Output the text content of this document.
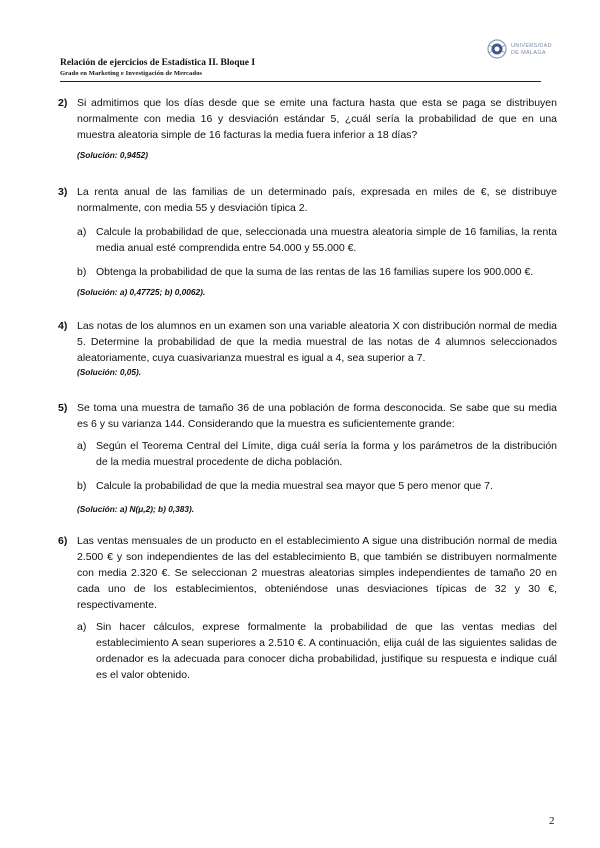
Relación de ejercicios de Estadística II. Bloque I
Grado en Marketing e Investigación de Mercados
UNIVERSIDAD
DE MÁLAGA
2) Si admitimos que los días desde que se emite una factura hasta que esta se paga se distribuyen normalmente con media 16 y desviación estándar 5, ¿cuál sería la probabilidad de que en una muestra aleatoria simple de 16 facturas la media fuera inferior a 18 días?
(Solución: 0,9452)
3) La renta anual de las familias de un determinado país, expresada en miles de €, se distribuye normalmente, con media 55 y desviación típica 2.
a) Calcule la probabilidad de que, seleccionada una muestra aleatoria simple de 16 familias, la renta media anual esté comprendida entre 54.000 y 55.000 €.
b) Obtenga la probabilidad de que la suma de las rentas de las 16 familias supere los 900.000 €.
(Solución: a) 0,47725; b) 0,0062).
4) Las notas de los alumnos en un examen son una variable aleatoria X con distribución normal de media 5. Determine la probabilidad de que la media muestral de las notas de 4 alumnos seleccionados aleatoriamente, cuya cuasivarianza muestral es igual a 4, sea superior a 7.
(Solución: 0,05).
5) Se toma una muestra de tamaño 36 de una población de forma desconocida. Se sabe que su media es 6 y su varianza 144. Considerando que la muestra es suficientemente grande:
a) Según el Teorema Central del Límite, diga cuál sería la forma y los parámetros de la distribución de la media muestral procedente de dicha población.
b) Calcule la probabilidad de que la media muestral sea mayor que 5 pero menor que 7.
(Solución: a) N(μ,2); b) 0,383).
6) Las ventas mensuales de un producto en el establecimiento A sigue una distribución normal de media 2.500 € y son independientes de las del establecimiento B, que también se distribuyen normalmente con media 2.320 €. Se seleccionan 2 muestras aleatorias simples independientes de tamaño 20 en cada uno de los establecimientos, obteniéndose unas desviaciones típicas de 32 y 30 €, respectivamente.
a) Sin hacer cálculos, exprese formalmente la probabilidad de que las ventas medias del establecimiento A sean superiores a 2.510 €. A continuación, elija cuál de las siguientes salidas de ordenador es la adecuada para conocer dicha probabilidad, justifique su respuesta e indique cuál es el valor obtenido.
2
